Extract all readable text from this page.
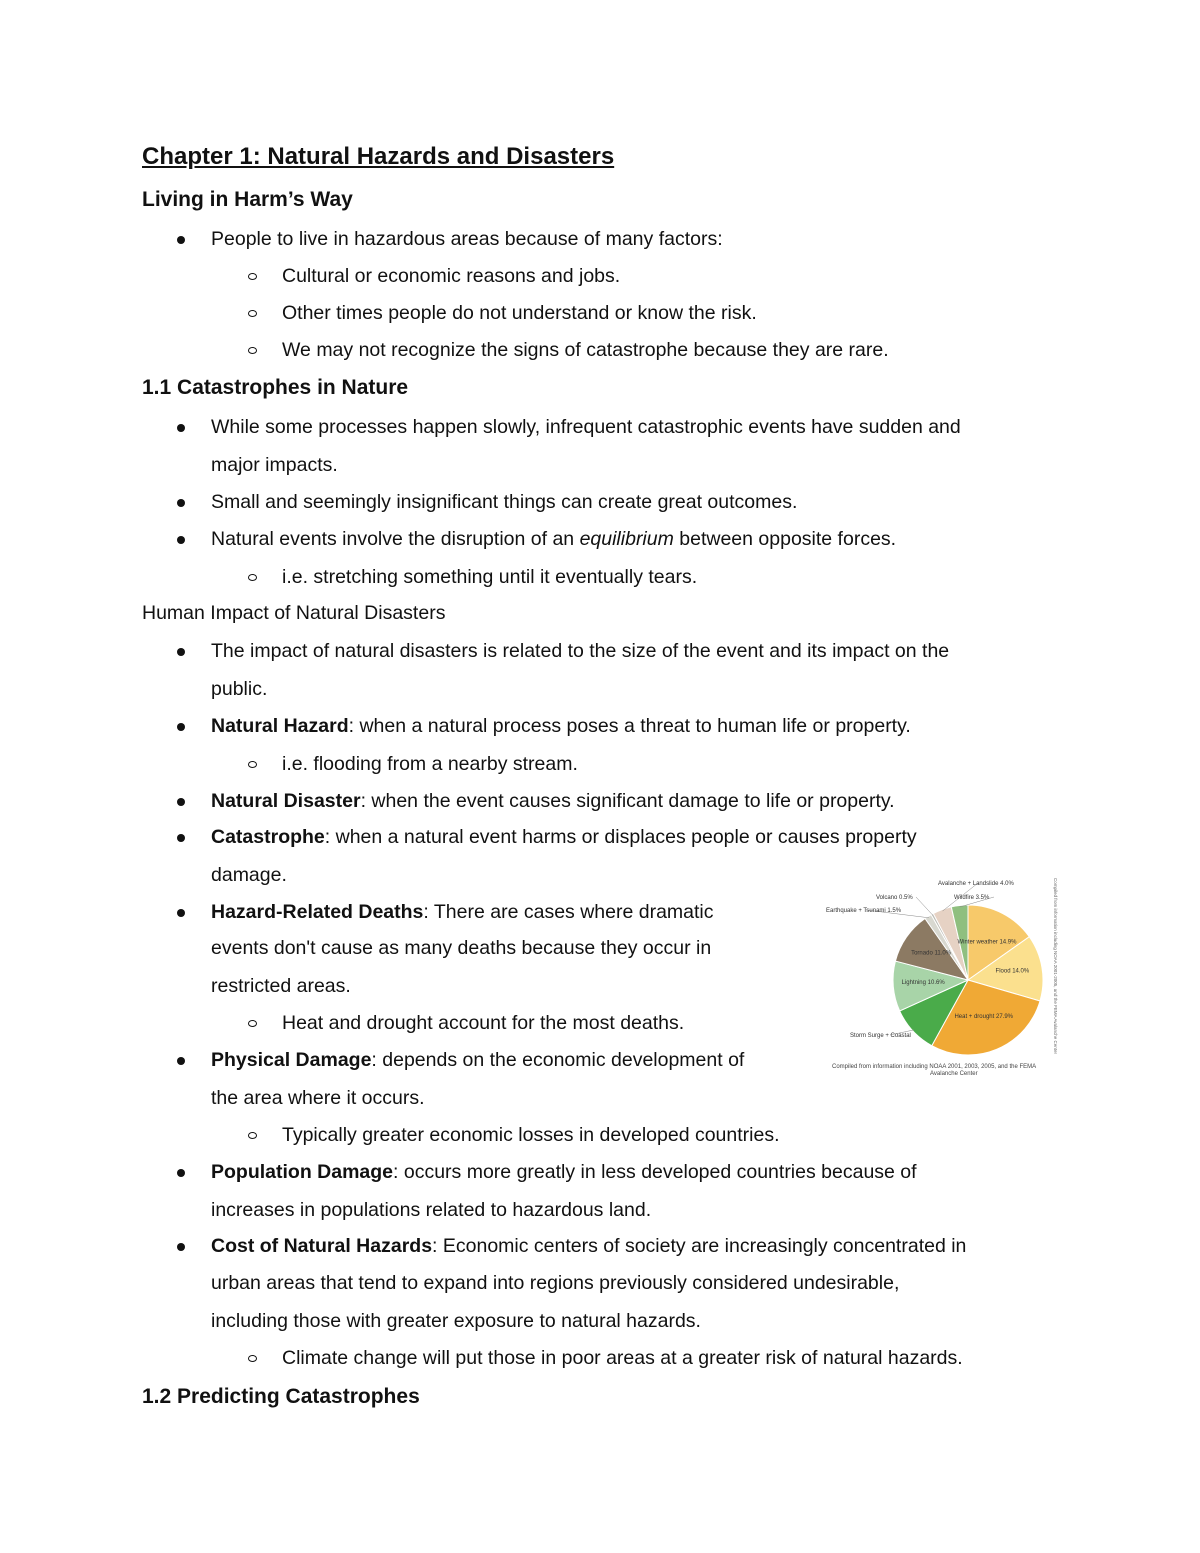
Chapter 1: Natural Hazards and Disasters
Living in Harm’s Way

People to live in hazardous areas because of many factors:

Cultural or economic reasons and jobs.

Other times people do not understand or know the risk.

We may not recognize the signs of catastrophe because they are rare.

1.1 Catastrophes in Nature

While some processes happen slowly, infrequent catastrophic events have sudden and

major impacts.

Small and seemingly insignificant things can create great outcomes.

Natural events involve the disruption of an equilibrium between opposite forces.

i.e. stretching something until it eventually tears.

Human Impact of Natural Disasters

The impact of natural disasters is related to the size of the event and its impact on the

public.

Natural Hazard: when a natural process poses a threat to human life or property.

i.e. flooding from a nearby stream.

Natural Disaster: when the event causes significant damage to life or property.

Catastrophe: when a natural event harms or displaces people or causes property

damage.

Hazard-Related Deaths: There are cases where dramatic

events don't cause as many deaths because they occur in

restricted areas.

Heat and drought account for the most deaths.

Physical Damage: depends on the economic development of

the area where it occurs.

Typically greater economic losses in developed countries.

Population Damage: occurs more greatly in less developed countries because of

increases in populations related to hazardous land.

Cost of Natural Hazards: Economic centers of society are increasingly concentrated in

urban areas that tend to expand into regions previously considered undesirable,

including those with greater exposure to natural hazards.

Climate change will put those in poor areas at a greater risk of natural hazards.

1.2 Predicting Catastrophes
Winter weather 14.9%
Flood 14.0%
Heat + drought 27.9%
Storm Surge + Coastal
Lightning 10.6%
Tornado 11.0%
Earthquake + Tsunami 1.5%
Volcano 0.5%
Avalanche + Landslide 4.0%
Wildfire 3.5%	Compiled from information including NOAA 2001-2005, and the FEMA Avalanche Center
Compiled from information including NOAA 2001, 2003, 2005, and the FEMA
Avalanche Center
